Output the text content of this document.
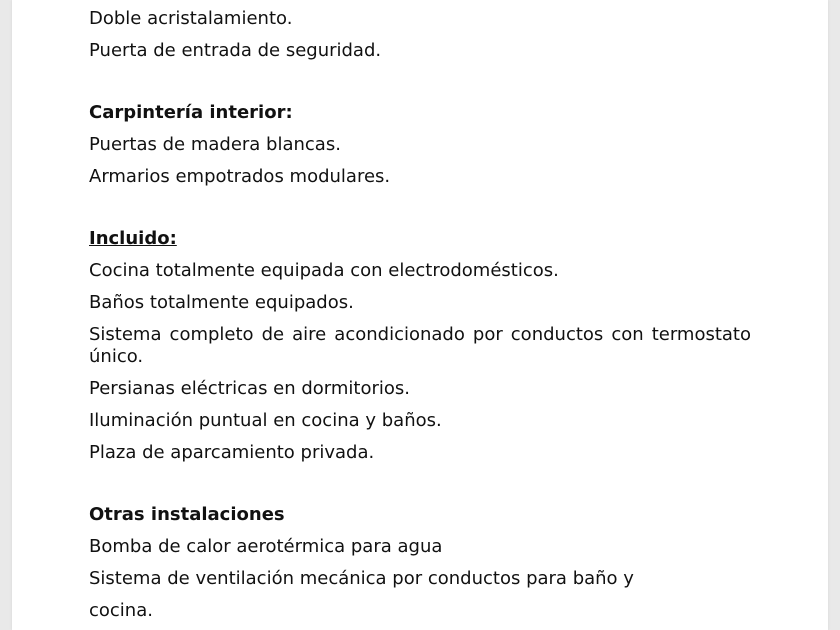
Doble acristalamiento.

Puerta de entrada de seguridad.

Carpintería interior:

Puertas de madera blancas.

Armarios empotrados modulares.

Incluido:

Cocina totalmente equipada con electrodomésticos.

Baños totalmente equipados.

Sistema completo de aire acondicionado por conductos con termostato único.

Persianas eléctricas en dormitorios.

Iluminación puntual en cocina y baños.

Plaza de aparcamiento privada.

Otras instalaciones

Bomba de calor aerotérmica para agua

Sistema de ventilación mecánica por conductos para baño y

cocina.
